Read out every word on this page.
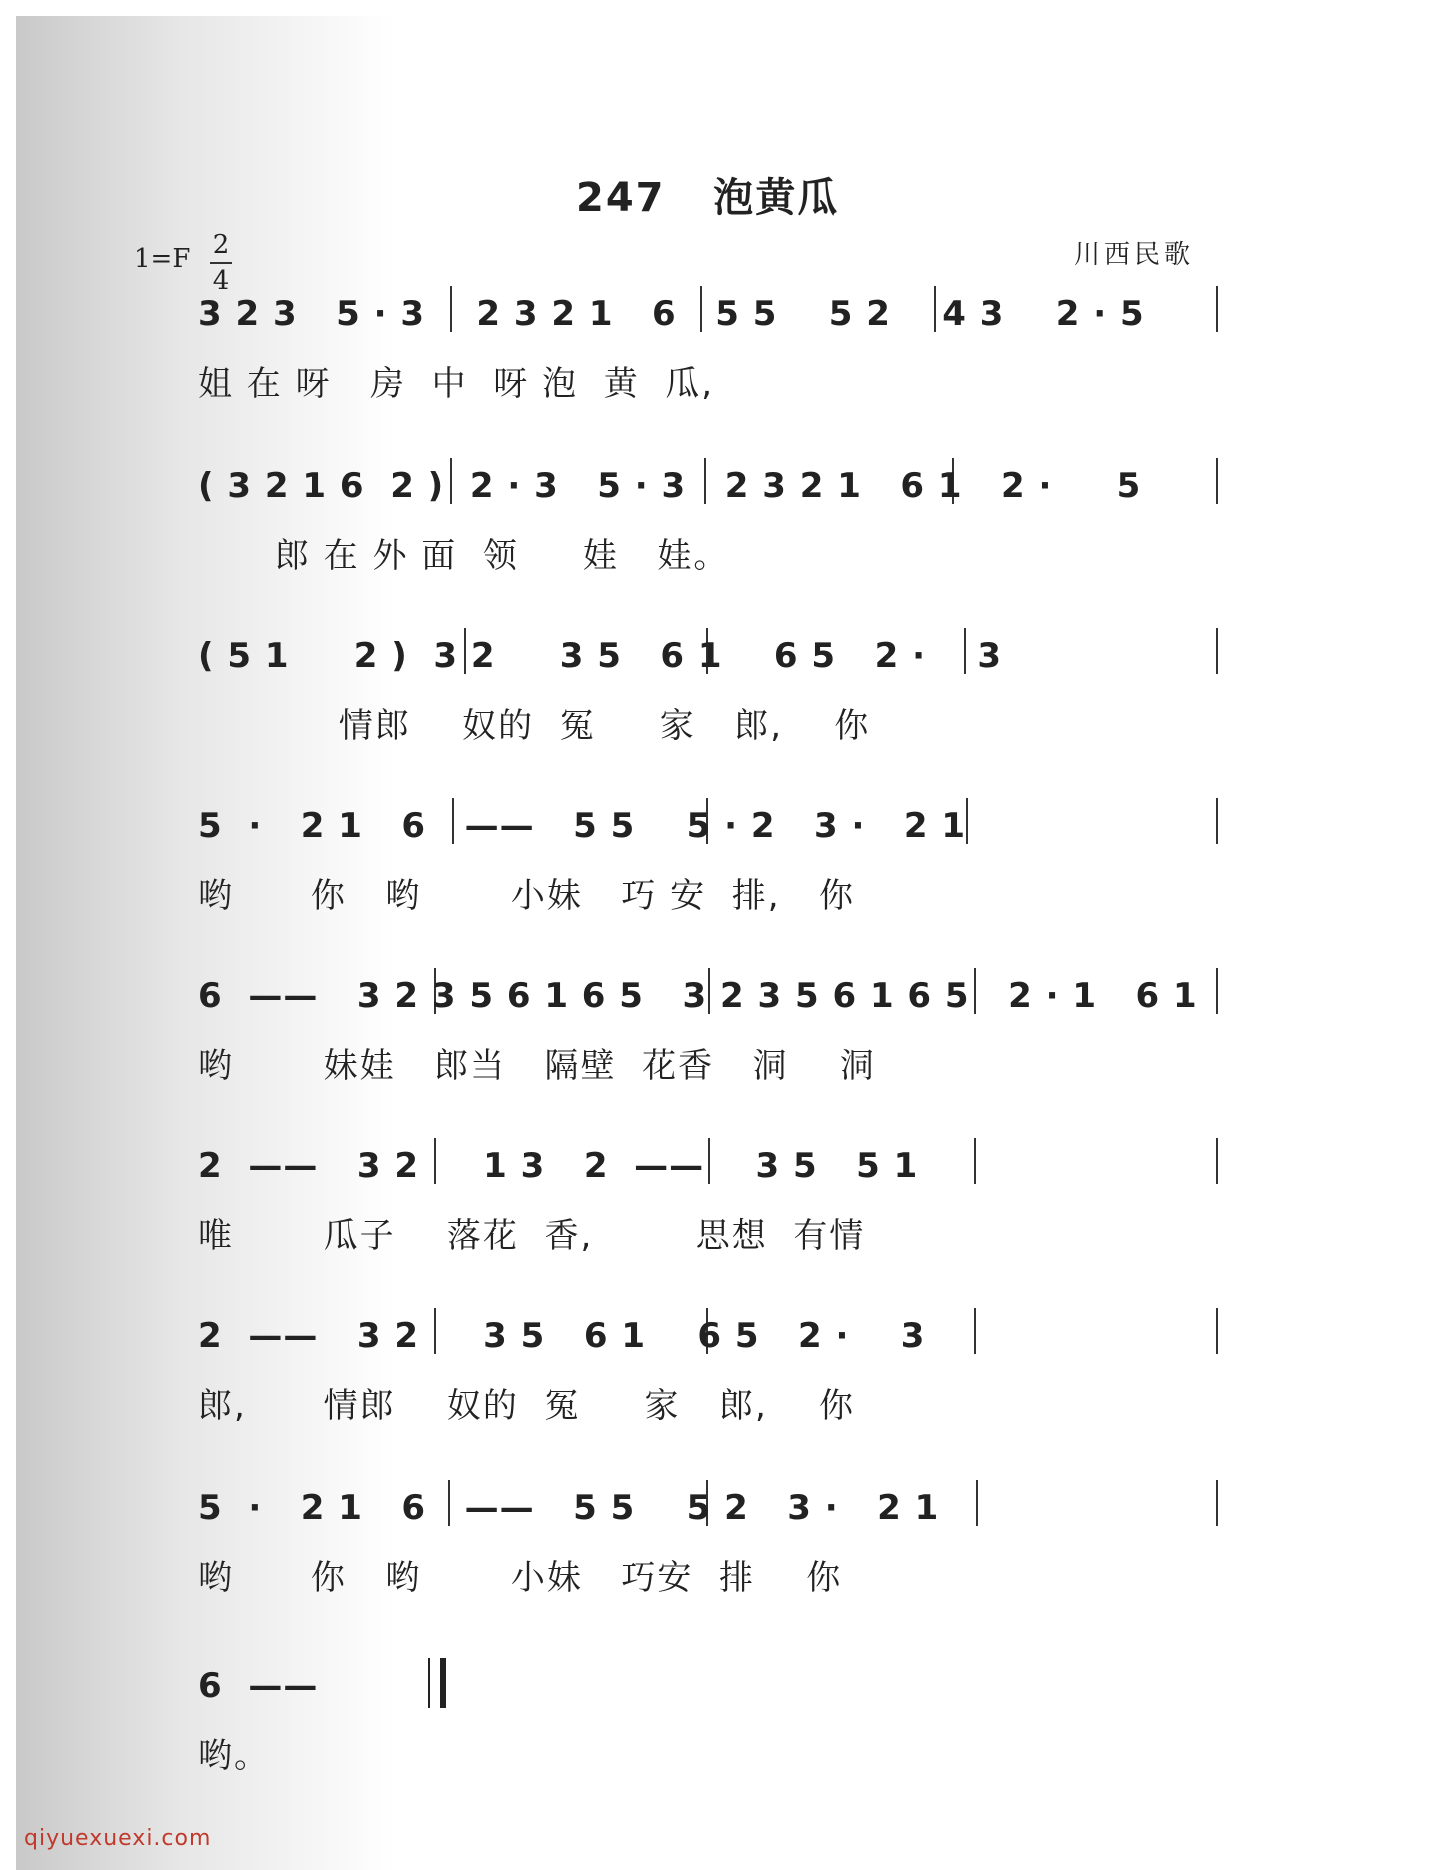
247   泡黄瓜
1=F 2
4
川西民歌
3 2 3   5 · 3    2 3 2 1   6   5 5    5 2    4 3    2 · 5
姐 在 呀   房  中  呀 泡  黄  瓜,
( 3 2 1 6  2 )  2 · 3   5 · 3   2 3 2 1   6 1   2 ·     5
郎 在 外 面  领     娃   娃。
( 5 1     2 )  3 2     3 5   6 1    6 5   2 ·    3
情郎    奴的  冤     家   郎,    你
5  ·   2 1   6   ——   5 5    5 · 2   3 ·   2 1
哟      你   哟       小妹   巧 安  排,   你
6  ——   3 2 3 5 6 1 6 5   3 2 3 5 6 1 6 5   2 · 1   6 1
哟       妹娃   郎当   隔壁  花香   洞    洞
2  ——   3 2     1 3   2  ——    3 5   5 1
唯       瓜子    落花  香,        思想  有情
2  ——   3 2     3 5   6 1    6 5   2 ·    3
郎,      情郎    奴的  冤     家   郎,    你
5  ·   2 1   6   ——   5 5    5 2   3 ·   2 1
哟      你   哟       小妹   巧安  排    你
6  ——
哟。
qiyuexuexi.com
